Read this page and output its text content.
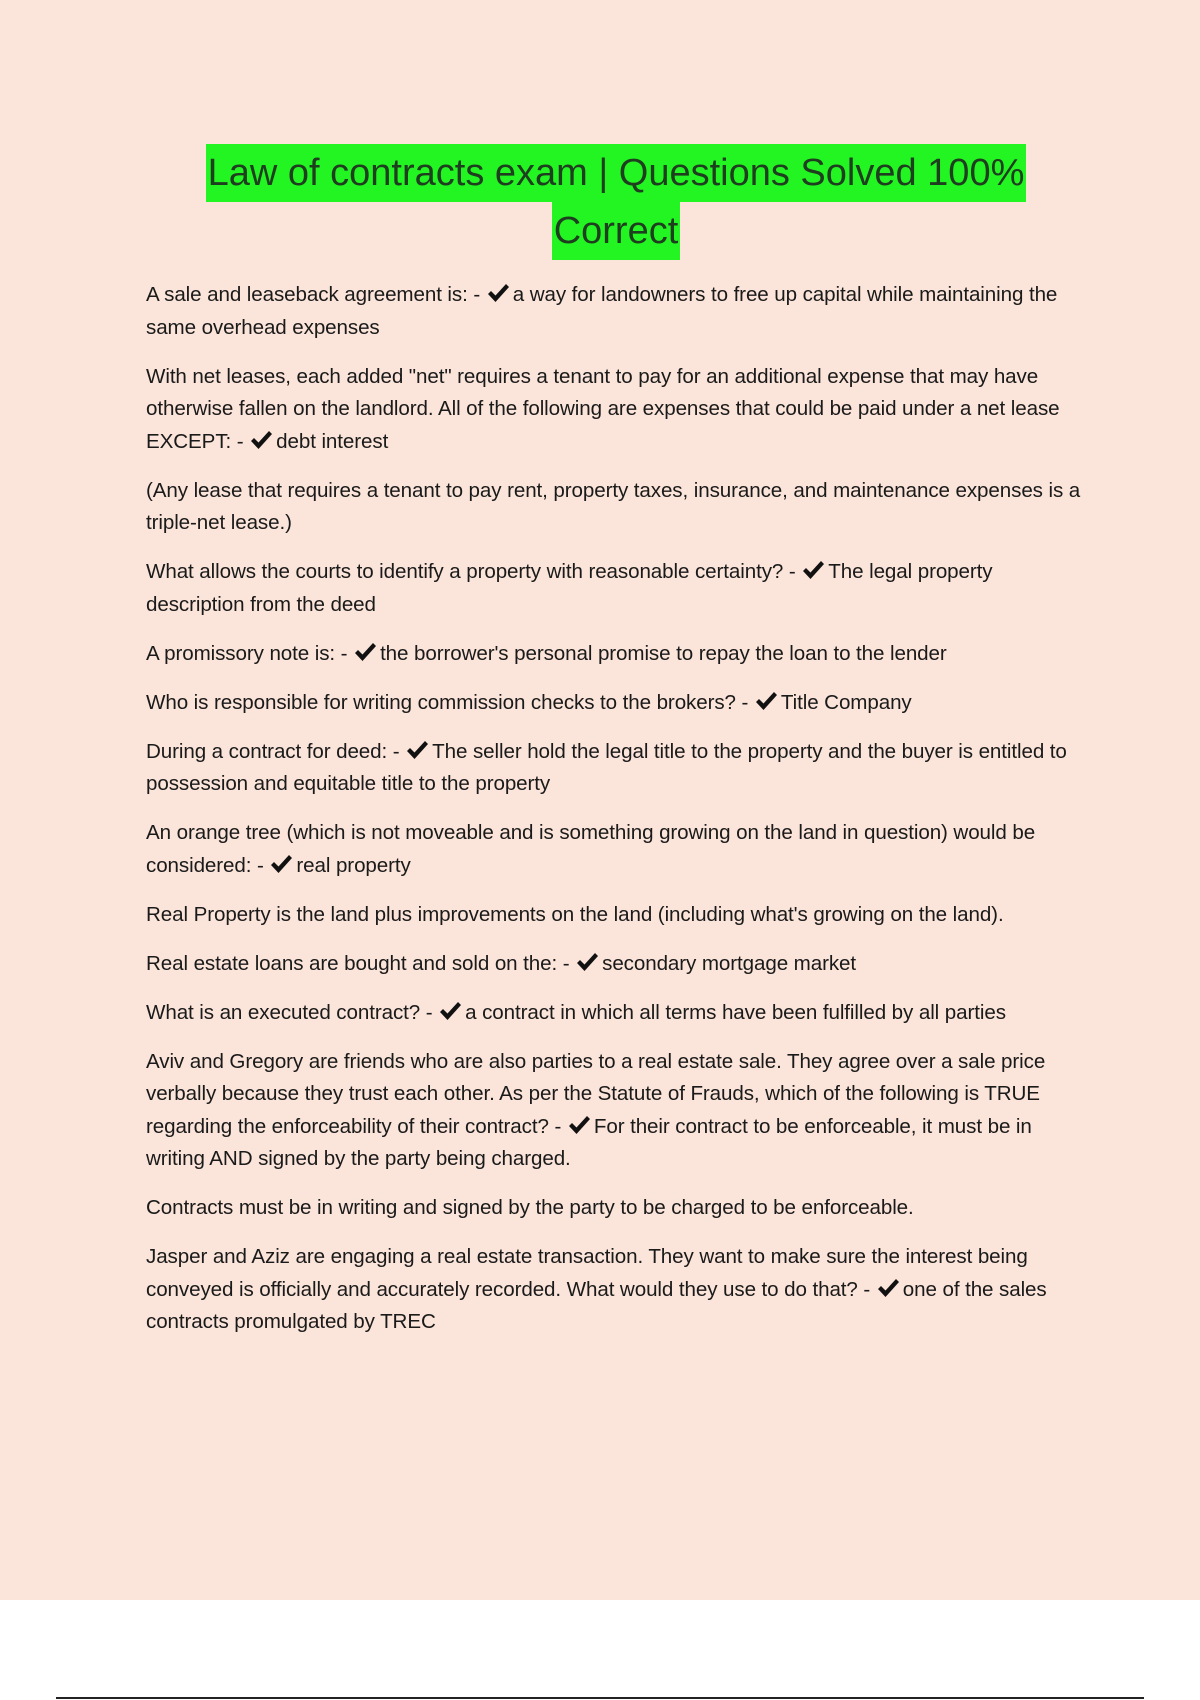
Law of contracts exam | Questions Solved 100%
Correct

A sale and leaseback agreement is: - a way for landowners to free up capital while maintaining the same overhead expenses

With net leases, each added "net" requires a tenant to pay for an additional expense that may have otherwise fallen on the landlord. All of the following are expenses that could be paid under a net lease EXCEPT: - debt interest

(Any lease that requires a tenant to pay rent, property taxes, insurance, and maintenance expenses is a triple-net lease.)

What allows the courts to identify a property with reasonable certainty? - The legal property description from the deed

A promissory note is: - the borrower's personal promise to repay the loan to the lender

Who is responsible for writing commission checks to the brokers? - Title Company

During a contract for deed: - The seller hold the legal title to the property and the buyer is entitled to possession and equitable title to the property

An orange tree (which is not moveable and is something growing on the land in question) would be considered: - real property

Real Property is the land plus improvements on the land (including what's growing on the land).

Real estate loans are bought and sold on the: - secondary mortgage market

What is an executed contract? - a contract in which all terms have been fulfilled by all parties

Aviv and Gregory are friends who are also parties to a real estate sale. They agree over a sale price verbally because they trust each other. As per the Statute of Frauds, which of the following is TRUE regarding the enforceability of their contract? - For their contract to be enforceable, it must be in writing AND signed by the party being charged.

Contracts must be in writing and signed by the party to be charged to be enforceable.

Jasper and Aziz are engaging a real estate transaction. They want to make sure the interest being conveyed is officially and accurately recorded. What would they use to do that? - one of the sales contracts promulgated by TREC
